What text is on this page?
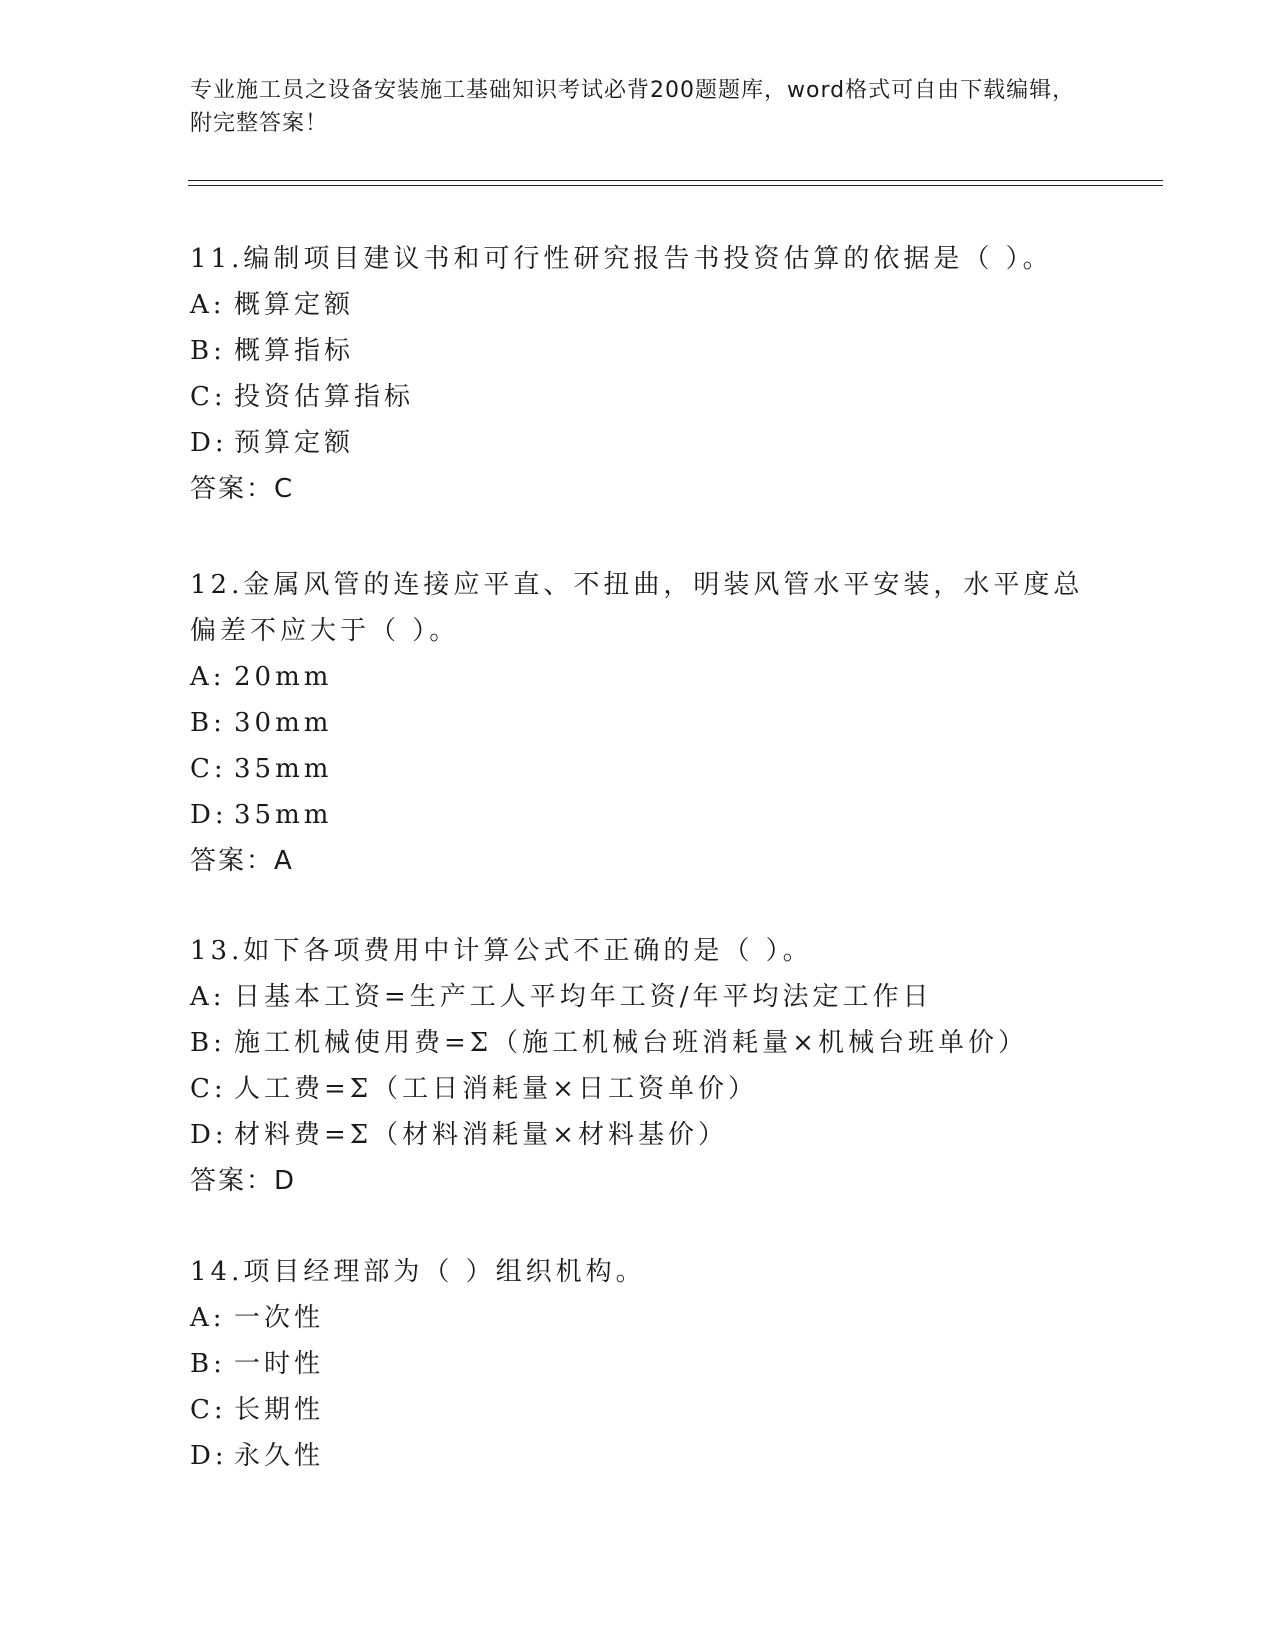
专业施工员之设备安装施工基础知识考试必背200题题库，word格式可自由下载编辑，附完整答案！

11.编制项目建议书和可行性研究报告书投资估算的依据是（ ）。

A: 概算定额

B: 概算指标

C: 投资估算指标

D: 预算定额

答案：C

12.金属风管的连接应平直、不扭曲，明装风管水平安装，水平度总偏差不应大于（ ）。

A: 20mm

B: 30mm

C: 35mm

D: 35mm

答案：A

13.如下各项费用中计算公式不正确的是（ ）。

A: 日基本工资=生产工人平均年工资/年平均法定工作日

B: 施工机械使用费=Σ（施工机械台班消耗量×机械台班单价）

C: 人工费=Σ（工日消耗量×日工资单价）

D: 材料费=Σ（材料消耗量×材料基价）

答案：D

14.项目经理部为（ ）组织机构。

A: 一次性

B: 一时性

C: 长期性

D: 永久性
